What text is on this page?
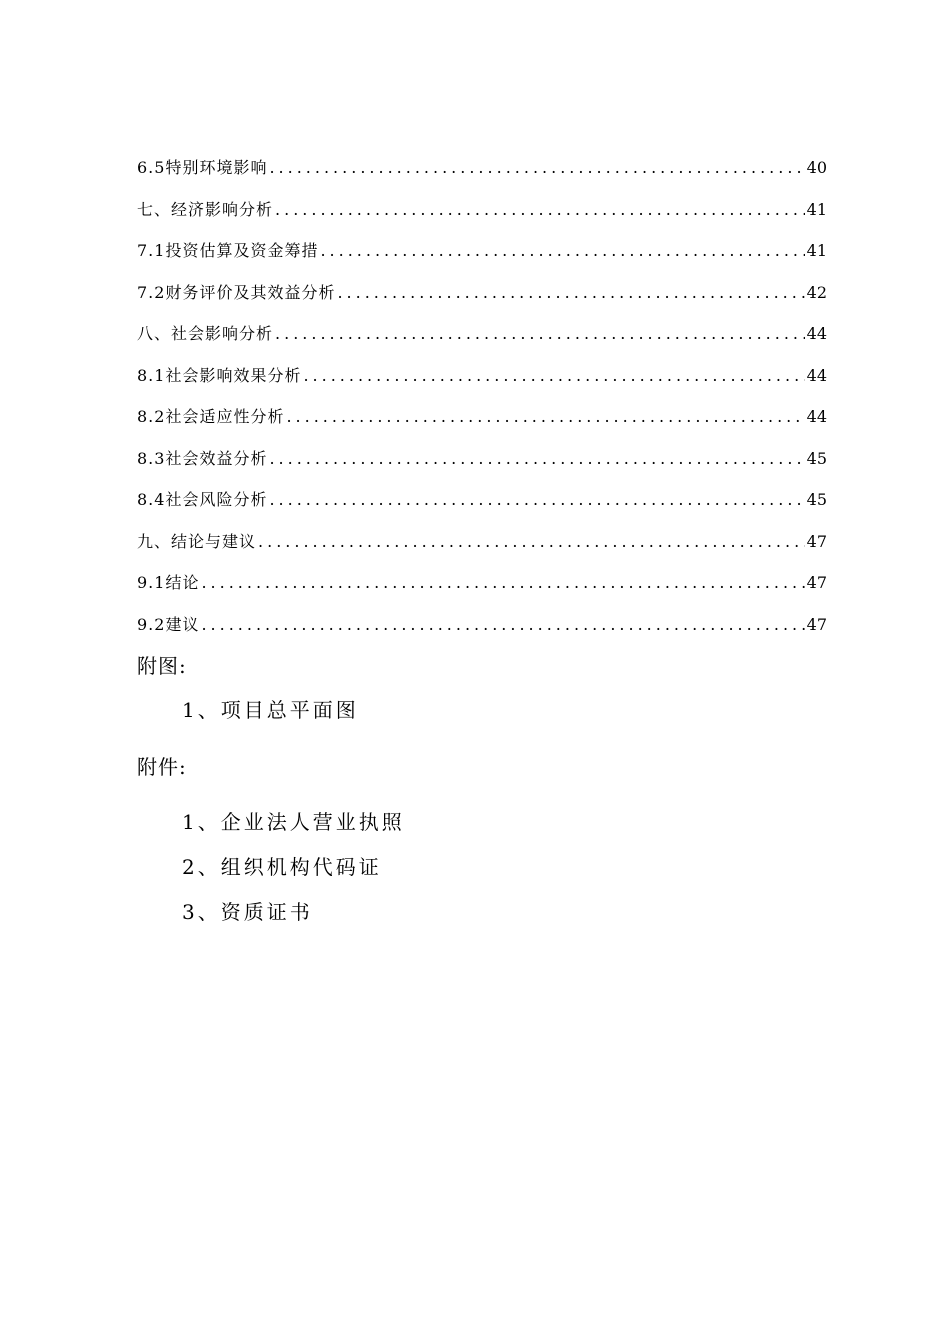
6.5特别环境影响 .....	40
七、经济影响分析 .....	41
7.1投资估算及资金筹措 .....	41
7.2财务评价及其效益分析 .....	42
八、社会影响分析 .....	44
8.1社会影响效果分析 .....	44
8.2社会适应性分析 .....	44
8.3社会效益分析 .....	45
8.4社会风险分析 .....	45
九、结论与建议 .....	47
9.1结论 .....	47
9.2建议 .....	47
附图:
1、项目总平面图
附件:
1、企业法人营业执照
2、组织机构代码证
3、资质证书
